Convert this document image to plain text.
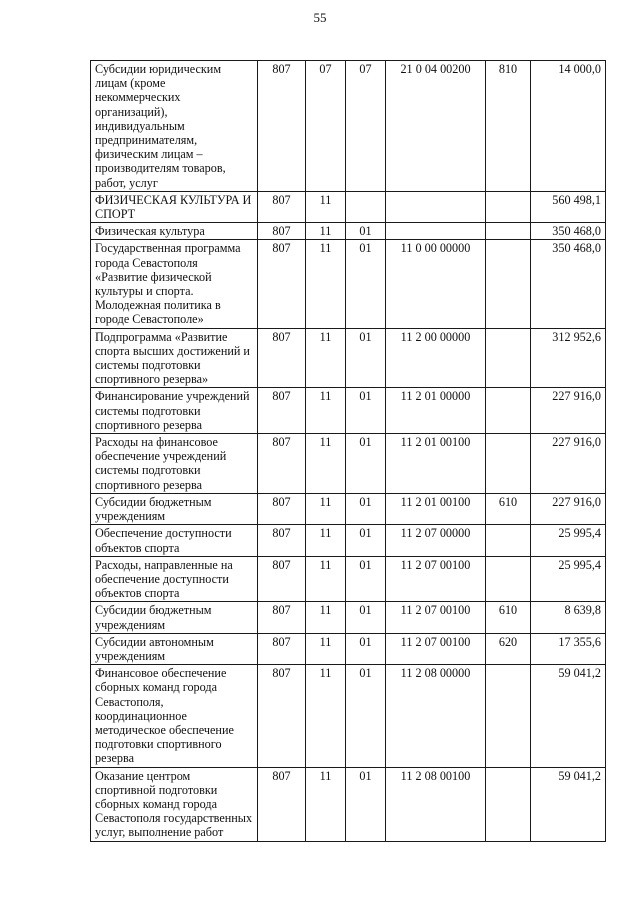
55
Субсидии юридическим лицам (кроме некоммерческих организаций), индивидуальным предпринимателям, физическим лицам – производителям товаров, работ, услуг	807	07	07	21 0 04 00200	810	14 000,0
ФИЗИЧЕСКАЯ КУЛЬТУРА И СПОРТ	807	11				560 498,1
Физическая культура	807	11	01			350 468,0
Государственная программа города Севастополя «Развитие физической культуры и спорта. Молодежная политика в городе Севастополе»	807	11	01	11 0 00 00000		350 468,0
Подпрограмма «Развитие спорта высших достижений и системы подготовки спортивного резерва»	807	11	01	11 2 00 00000		312 952,6
Финансирование учреждений системы подготовки спортивного резерва	807	11	01	11 2 01 00000		227 916,0
Расходы на финансовое обеспечение учреждений системы подготовки спортивного резерва	807	11	01	11 2 01 00100		227 916,0
Субсидии бюджетным учреждениям	807	11	01	11 2 01 00100	610	227 916,0
Обеспечение доступности объектов спорта	807	11	01	11 2 07 00000		25 995,4
Расходы, направленные на обеспечение доступности объектов спорта	807	11	01	11 2 07 00100		25 995,4
Субсидии бюджетным учреждениям	807	11	01	11 2 07 00100	610	8 639,8
Субсидии автономным учреждениям	807	11	01	11 2 07 00100	620	17 355,6
Финансовое обеспечение сборных команд города Севастополя, координационное методическое обеспечение подготовки спортивного резерва	807	11	01	11 2 08 00000		59 041,2
Оказание центром спортивной подготовки сборных команд города Севастополя государственных услуг, выполнение работ	807	11	01	11 2 08 00100		59 041,2
